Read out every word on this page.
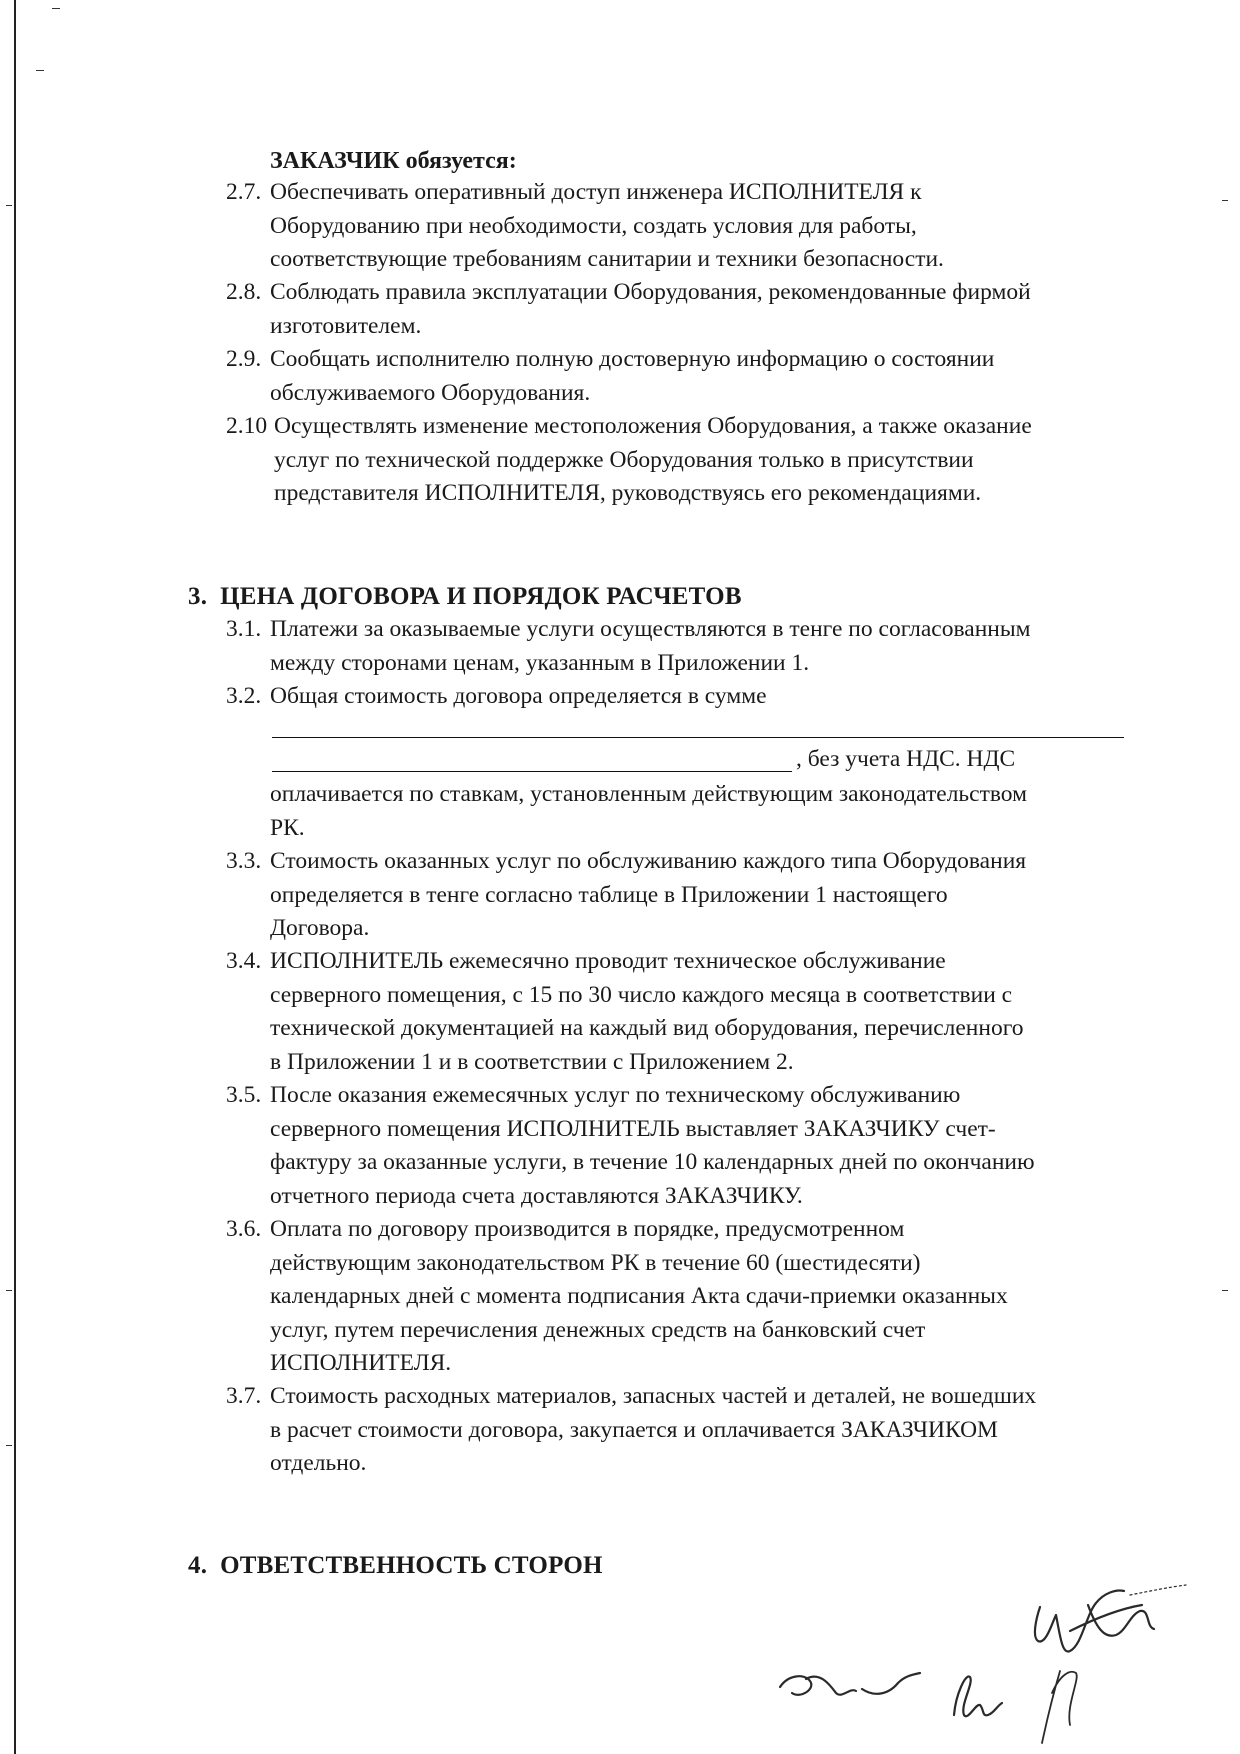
ЗАКАЗЧИК обязуется:
2.7. Обеспечивать оперативный доступ инженера ИСПОЛНИТЕЛЯ к
Оборудованию при необходимости, создать условия для работы,
соответствующие требованиям санитарии и техники безопасности.
2.8. Соблюдать правила эксплуатации Оборудования, рекомендованные фирмой
изготовителем.
2.9. Сообщать исполнителю полную достоверную информацию о состоянии
обслуживаемого Оборудования.
2.10 Осуществлять изменение местоположения Оборудования, а также оказание
услуг по технической поддержке Оборудования только в присутствии
представителя ИСПОЛНИТЕЛЯ, руководствуясь его рекомендациями.
3. ЦЕНА ДОГОВОРА И ПОРЯДОК РАСЧЕТОВ
3.1. Платежи за оказываемые услуги осуществляются в тенге по согласованным
между сторонами ценам, указанным в Приложении 1.
3.2. Общая стоимость договора определяется в сумме
, без учета НДС. НДС
оплачивается по ставкам, установленным действующим законодательством
РК.
3.3. Стоимость оказанных услуг по обслуживанию каждого типа Оборудования
определяется в тенге согласно таблице в Приложении 1 настоящего
Договора.
3.4. ИСПОЛНИТЕЛЬ ежемесячно проводит техническое обслуживание
серверного помещения, с 15 по 30 число каждого месяца в соответствии с
технической документацией на каждый вид оборудования, перечисленного
в Приложении 1 и в соответствии с Приложением 2.
3.5. После оказания ежемесячных услуг по техническому обслуживанию
серверного помещения ИСПОЛНИТЕЛЬ выставляет ЗАКАЗЧИКУ счет-
фактуру за оказанные услуги, в течение 10 календарных дней по окончанию
отчетного периода счета доставляются ЗАКАЗЧИКУ.
3.6. Оплата по договору производится в порядке, предусмотренном
действующим законодательством РК в течение 60 (шестидесяти)
календарных дней с момента подписания Акта сдачи-приемки оказанных
услуг, путем перечисления денежных средств на банковский счет
ИСПОЛНИТЕЛЯ.
3.7. Стоимость расходных материалов, запасных частей и деталей, не вошедших
в расчет стоимости договора, закупается и оплачивается ЗАКАЗЧИКОМ
отдельно.
4. ОТВЕТСТВЕННОСТЬ СТОРОН
